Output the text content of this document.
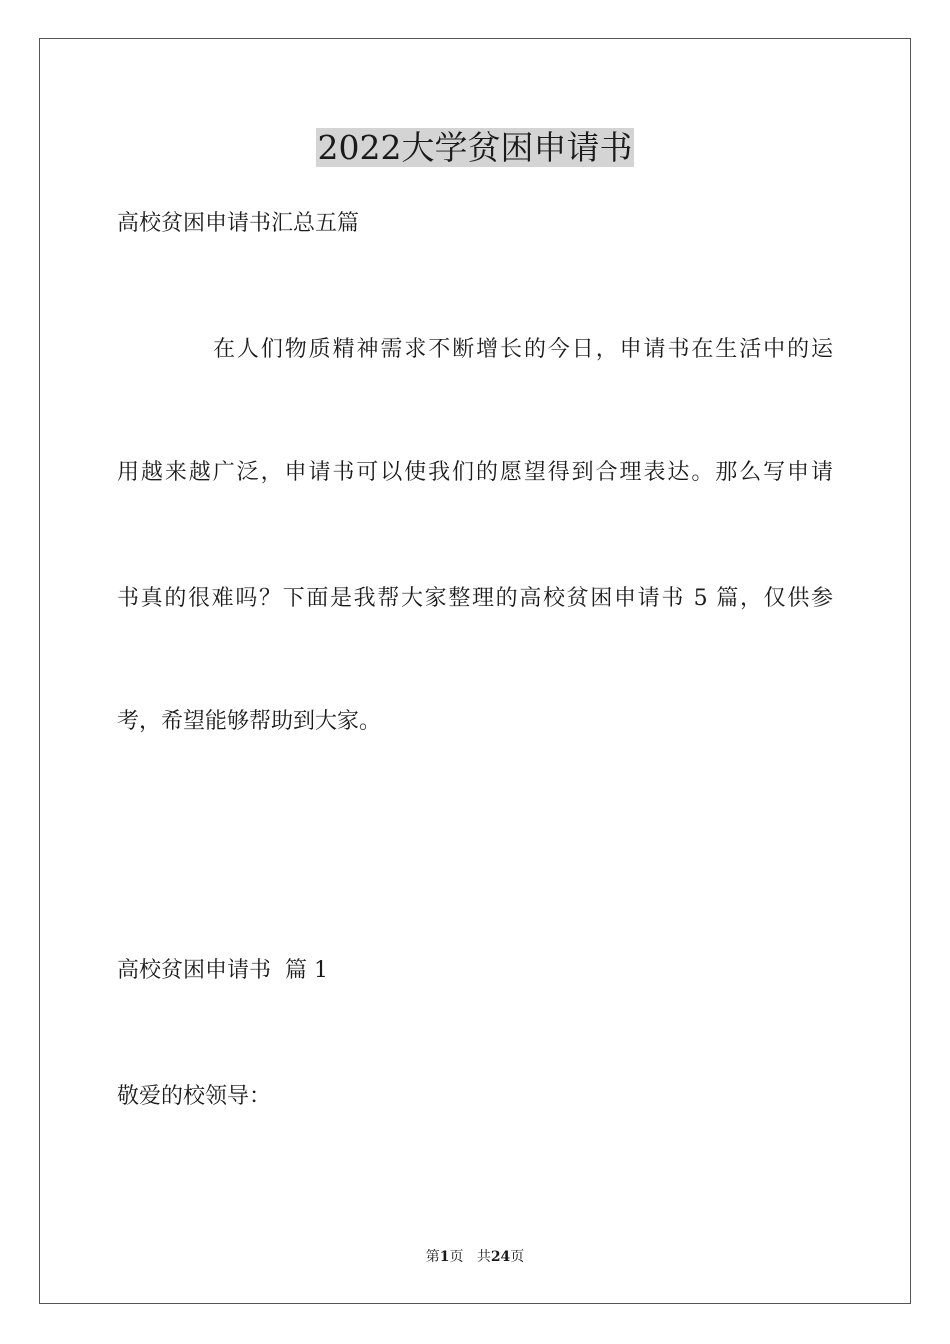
2022大学贫困申请书
高校贫困申请书汇总五篇
在人们物质精神需求不断增长的今日，申请书在生活中的运
用越来越广泛，申请书可以使我们的愿望得到合理表达。那么写申请
书真的很难吗？下面是我帮大家整理的高校贫困申请书 5 篇，仅供参
考，希望能够帮助到大家。
高校贫困申请书  篇 1
敬爱的校领导：
第1页 共24页
